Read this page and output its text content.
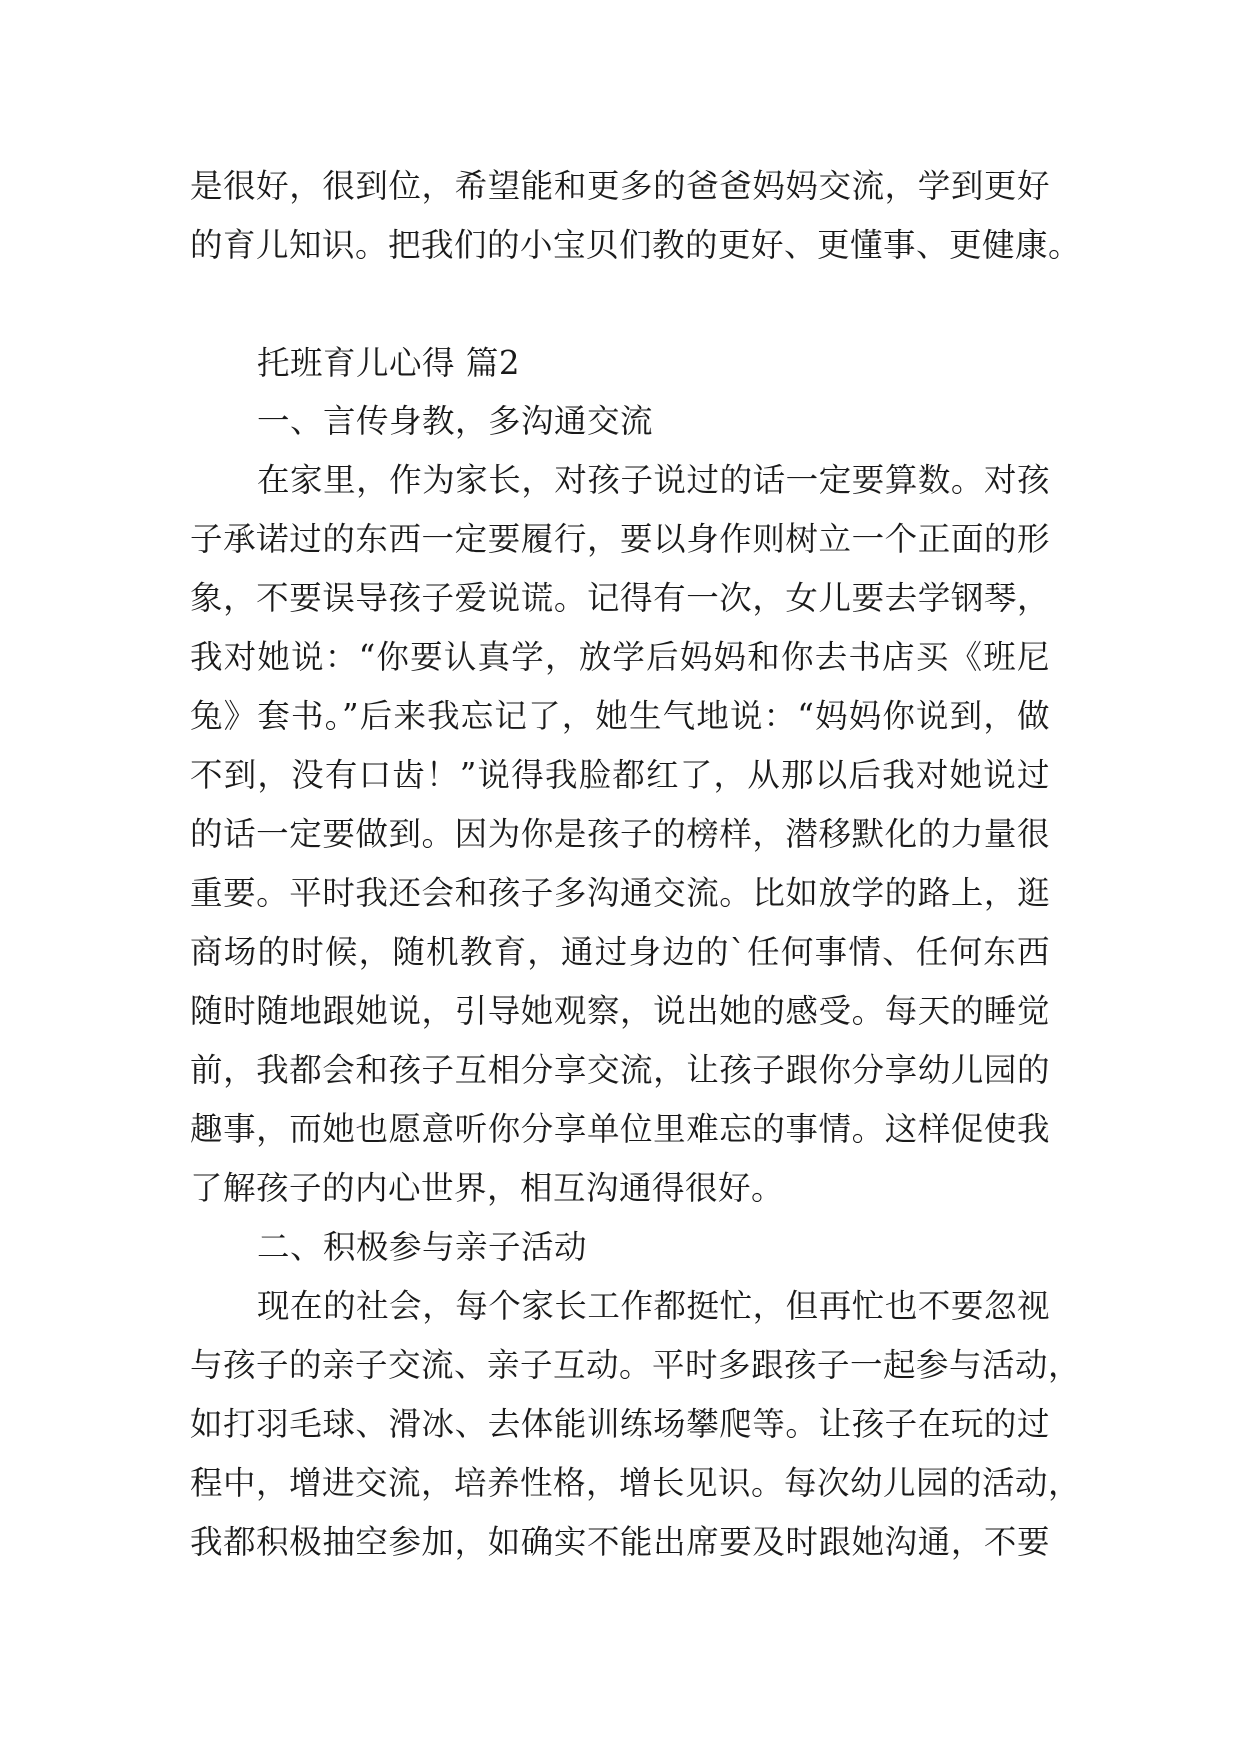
是很好，很到位，希望能和更多的爸爸妈妈交流，学到更好
的育儿知识。把我们的小宝贝们教的更好、更懂事、更健康。
托班育儿心得 篇2
一、言传身教，多沟通交流
在家里，作为家长，对孩子说过的话一定要算数。对孩
子承诺过的东西一定要履行，要以身作则树立一个正面的形
象，不要误导孩子爱说谎。记得有一次，女儿要去学钢琴，
我对她说：“你要认真学，放学后妈妈和你去书店买《班尼
兔》套书。”后来我忘记了，她生气地说：“妈妈你说到，做
不到，没有口齿！”说得我脸都红了，从那以后我对她说过
的话一定要做到。因为你是孩子的榜样，潜移默化的力量很
重要。平时我还会和孩子多沟通交流。比如放学的路上，逛
商场的时候，随机教育，通过身边的`任何事情、任何东西
随时随地跟她说，引导她观察，说出她的感受。每天的睡觉
前，我都会和孩子互相分享交流，让孩子跟你分享幼儿园的
趣事，而她也愿意听你分享单位里难忘的事情。这样促使我
了解孩子的内心世界，相互沟通得很好。
二、积极参与亲子活动
现在的社会，每个家长工作都挺忙，但再忙也不要忽视
与孩子的亲子交流、亲子互动。平时多跟孩子一起参与活动，
如打羽毛球、滑冰、去体能训练场攀爬等。让孩子在玩的过
程中，增进交流，培养性格，增长见识。每次幼儿园的活动，
我都积极抽空参加，如确实不能出席要及时跟她沟通，不要
